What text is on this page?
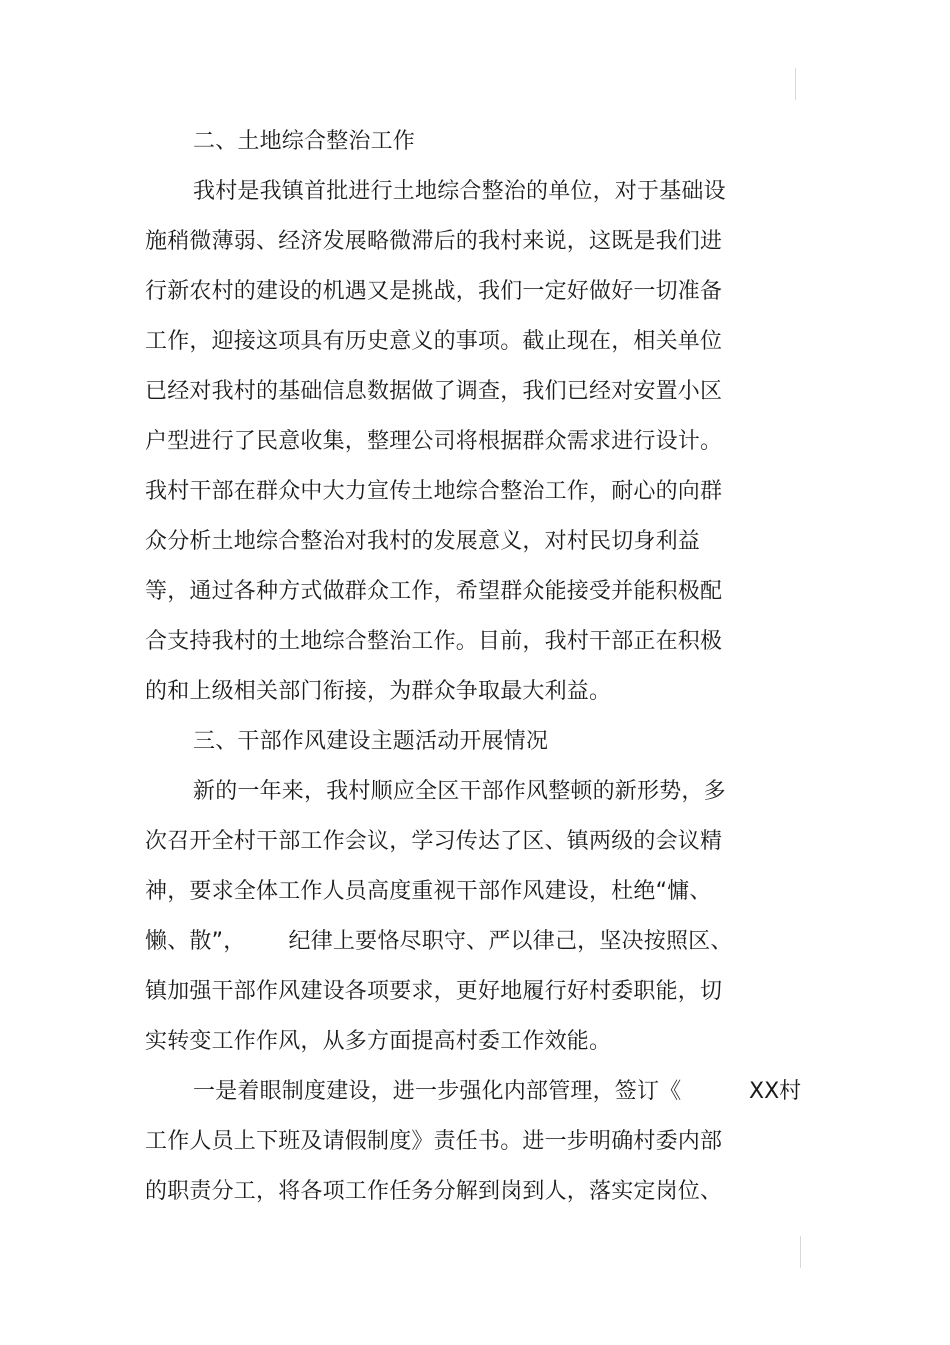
二、土地综合整治工作
我村是我镇首批进行土地综合整治的单位，对于基础设
施稍微薄弱、经济发展略微滞后的我村来说，这既是我们进
行新农村的建设的机遇又是挑战，我们一定好做好一切准备
工作，迎接这项具有历史意义的事项。截止现在，相关单位
已经对我村的基础信息数据做了调查，我们已经对安置小区
户型进行了民意收集，整理公司将根据群众需求进行设计。
我村干部在群众中大力宣传土地综合整治工作，耐心的向群
众分析土地综合整治对我村的发展意义，对村民切身利益
等，通过各种方式做群众工作，希望群众能接受并能积极配
合支持我村的土地综合整治工作。目前，我村干部正在积极
的和上级相关部门衔接，为群众争取最大利益。
三、干部作风建设主题活动开展情况
新的一年来，我村顺应全区干部作风整顿的新形势，多
次召开全村干部工作会议，学习传达了区、镇两级的会议精
神，要求全体工作人员高度重视干部作风建设，杜绝“慵、
懒、散”，      纪律上要恪尽职守、严以律己，坚决按照区、
镇加强干部作风建设各项要求，更好地履行好村委职能，切
实转变工作作风，从多方面提高村委工作效能。
一是着眼制度建设，进一步强化内部管理，签订《	XX村
工作人员上下班及请假制度》责任书。进一步明确村委内部
的职责分工，将各项工作任务分解到岗到人，落实定岗位、
